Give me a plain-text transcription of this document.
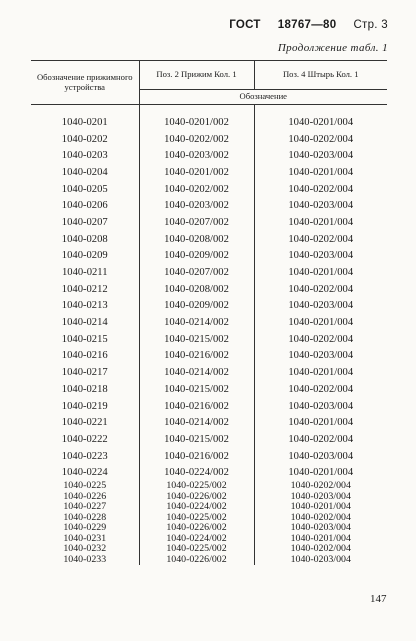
ГОСТ 18767—80 Стр. 3
Продолжение табл. 1
Обозначение прижимного устройства	Поз. 2 Прижим Кол. 1	Поз. 4 Штырь Кол. 1
	Обозначение	

1040-0201	1040-0201/002	1040-0201/004
1040-0202	1040-0202/002	1040-0202/004
1040-0203	1040-0203/002	1040-0203/004
1040-0204	1040-0201/002	1040-0201/004
1040-0205	1040-0202/002	1040-0202/004
1040-0206	1040-0203/002	1040-0203/004
1040-0207	1040-0207/002	1040-0201/004
1040-0208	1040-0208/002	1040-0202/004
1040-0209	1040-0209/002	1040-0203/004
1040-0211	1040-0207/002	1040-0201/004
1040-0212	1040-0208/002	1040-0202/004
1040-0213	1040-0209/002	1040-0203/004
1040-0214	1040-0214/002	1040-0201/004
1040-0215	1040-0215/002	1040-0202/004
1040-0216	1040-0216/002	1040-0203/004
1040-0217	1040-0214/002	1040-0201/004
1040-0218	1040-0215/002	1040-0202/004
1040-0219	1040-0216/002	1040-0203/004
1040-0221	1040-0214/002	1040-0201/004
1040-0222	1040-0215/002	1040-0202/004
1040-0223	1040-0216/002	1040-0203/004
1040-0224	1040-0224/002	1040-0201/004
1040-0225	1040-0225/002	1040-0202/004
1040-0226	1040-0226/002	1040-0203/004
1040-0227	1040-0224/002	1040-0201/004
1040-0228	1040-0225/002	1040-0202/004
1040-0229	1040-0226/002	1040-0203/004
1040-0231	1040-0224/002	1040-0201/004
1040-0232	1040-0225/002	1040-0202/004
1040-0233	1040-0226/002	1040-0203/004
147
